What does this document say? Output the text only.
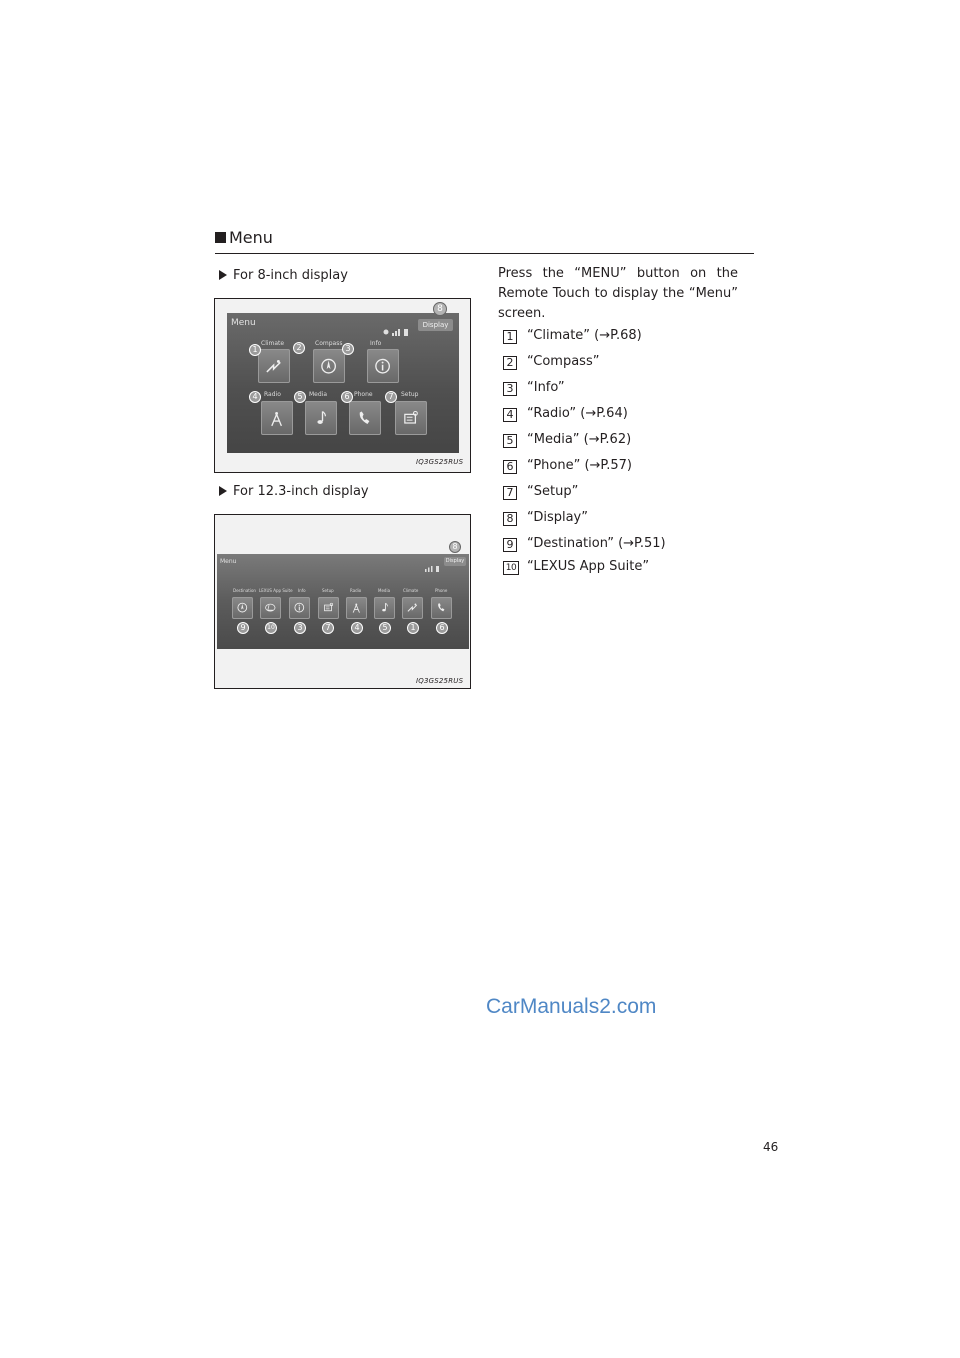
Menu
For 8-inch display
Menu	Display
Climate	Compass	Info
Radio	Media	Phone	Setup
1	2	3
4	5	6	7
8
IQ3GS25RUS
For 12.3-inch display
Menu	Display
Destination LEXUS App Suite Info	Setup	Radio	Media	Climate	Phone
9	10	3	7	4	5	1	6
8
IQ3GS25RUS
Press the “MENU” button on the Remote Touch to display the “Menu” screen.
1 “Climate” (→P.68)
2 “Compass”
3 “Info”
4 “Radio” (→P.64)
5 “Media” (→P.62)
6 “Phone” (→P.57)
7 “Setup”
8 “Display”
9 “Destination” (→P.51)
10 “LEXUS App Suite”
CarManuals2.com
46
